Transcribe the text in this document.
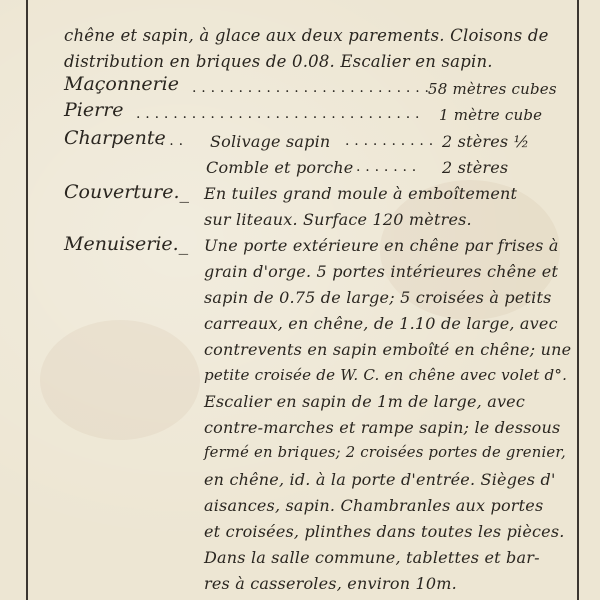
chêne et sapin, à glace aux deux parements. Cloisons de
distribution en briques de 0.08. Escalier en sapin.
Maçonnerie . . . . . . . . . . . . . . . . . . . . . . . . . .
58 mètres cubes
Pierre . . . . . . . . . . . . . . . . . . . . . . . . . . . . . . . 1 mètre cube
Charpente
. . . Solivage sapin . . . . . . . . . . 2 stères ½
Comble et porche . . . . . . . 2 stères
Couverture._ En tuiles grand moule à emboîtement
sur liteaux. Surface 120 mètres.
Menuiserie._ Une porte extérieure en chêne par frises à
grain d'orge. 5 portes intérieures chêne et
sapin de 0.75 de large; 5 croisées à petits
carreaux, en chêne, de 1.10 de large, avec
contrevents en sapin emboîté en chêne; une
petite croisée de W. C. en chêne avec volet d°.
Escalier en sapin de 1m de large, avec
contre-marches et rampe sapin; le dessous
fermé en briques; 2 croisées portes de grenier,
en chêne, id. à la porte d'entrée. Sièges d'
aisances, sapin. Chambranles aux portes
et croisées, plinthes dans toutes les pièces.
Dans la salle commune, tablettes et bar-
res à casseroles, environ 10m.
